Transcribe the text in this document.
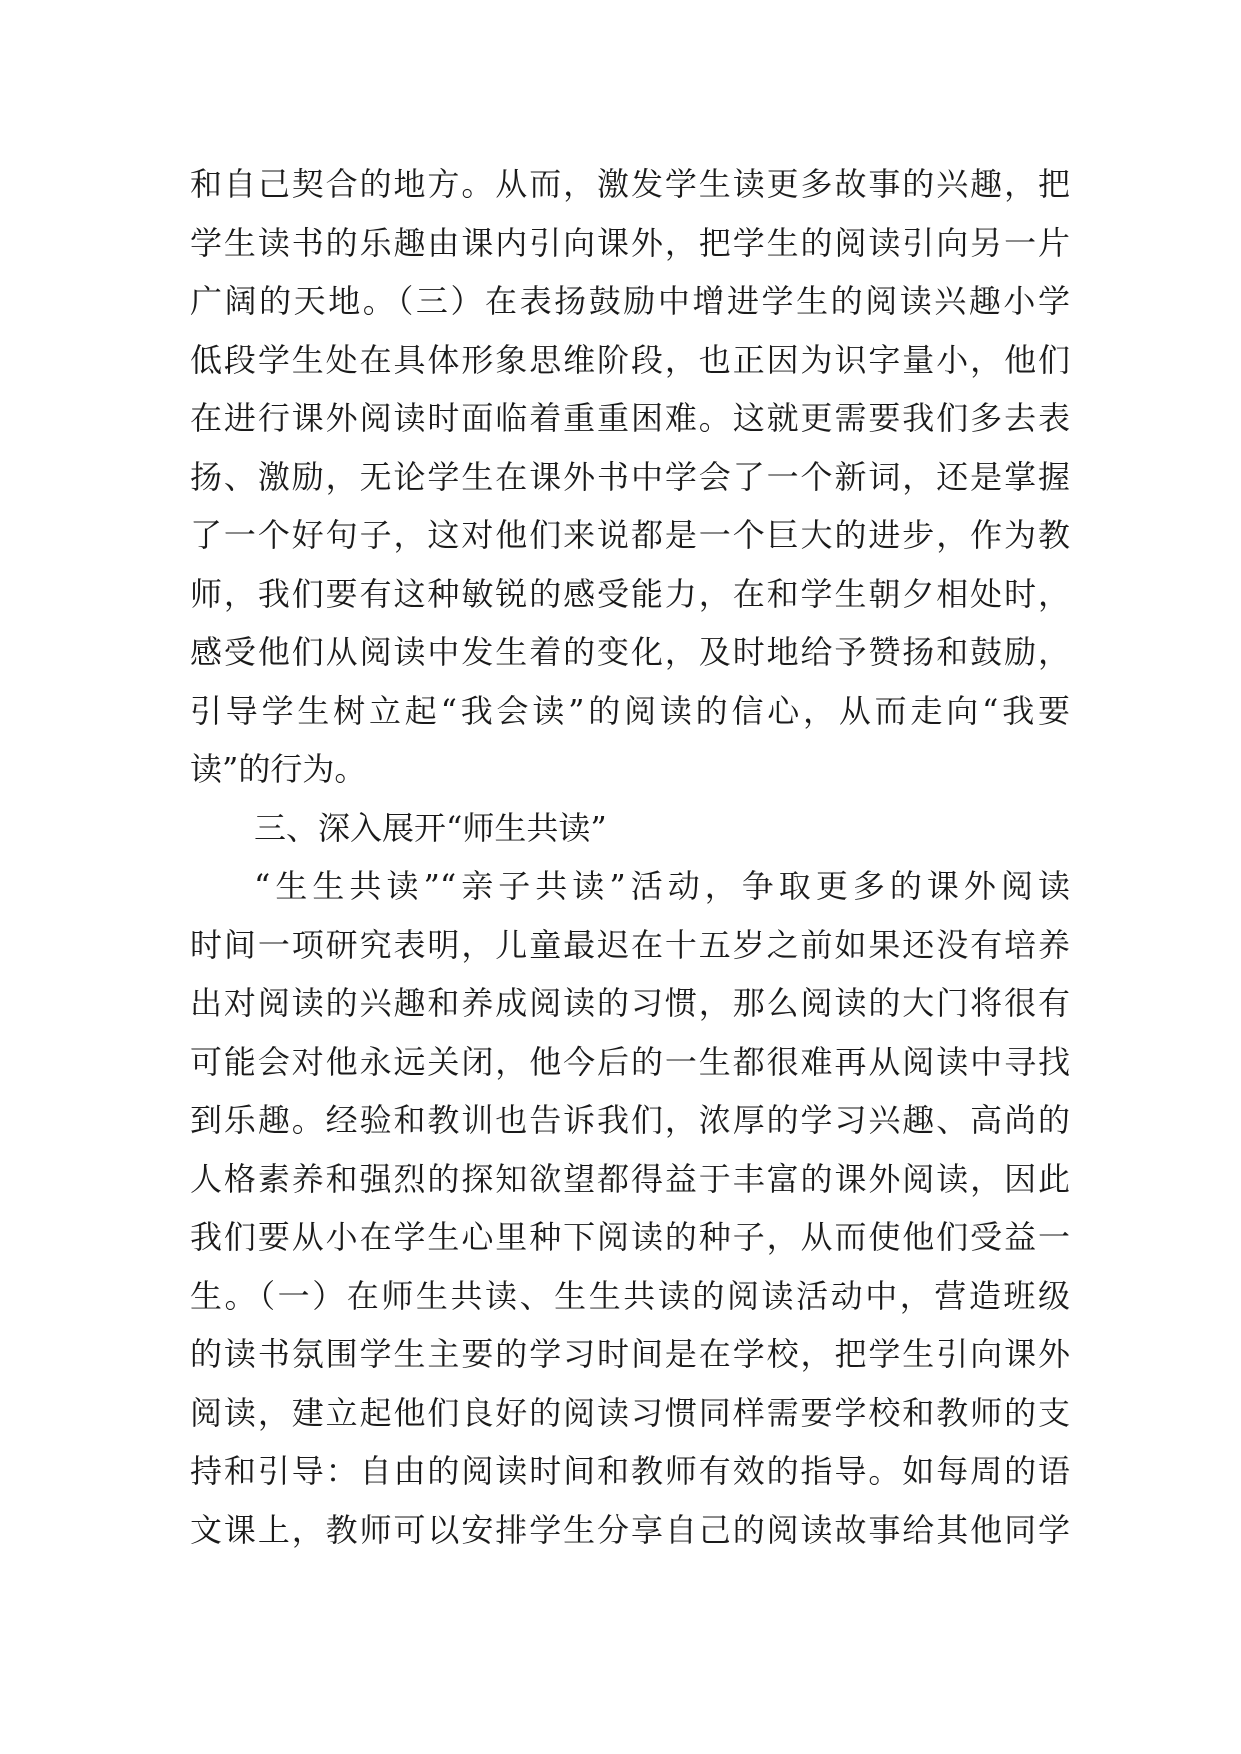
和自己契合的地方。从而，激发学生读更多故事的兴趣，把
学生读书的乐趣由课内引向课外，把学生的阅读引向另一片
广阔的天地。（三）在表扬鼓励中增进学生的阅读兴趣小学
低段学生处在具体形象思维阶段，也正因为识字量小，他们
在进行课外阅读时面临着重重困难。这就更需要我们多去表
扬、激励，无论学生在课外书中学会了一个新词，还是掌握
了一个好句子，这对他们来说都是一个巨大的进步，作为教
师，我们要有这种敏锐的感受能力，在和学生朝夕相处时，
感受他们从阅读中发生着的变化，及时地给予赞扬和鼓励，
引导学生树立起“我会读”的阅读的信心，从而走向“我要
读”的行为。
三、深入展开“师生共读”
“生生共读”“亲子共读”活动，争取更多的课外阅读
时间一项研究表明，儿童最迟在十五岁之前如果还没有培养
出对阅读的兴趣和养成阅读的习惯，那么阅读的大门将很有
可能会对他永远关闭，他今后的一生都很难再从阅读中寻找
到乐趣。经验和教训也告诉我们，浓厚的学习兴趣、高尚的
人格素养和强烈的探知欲望都得益于丰富的课外阅读，因此
我们要从小在学生心里种下阅读的种子，从而使他们受益一
生。（一）在师生共读、生生共读的阅读活动中，营造班级
的读书氛围学生主要的学习时间是在学校，把学生引向课外
阅读，建立起他们良好的阅读习惯同样需要学校和教师的支
持和引导：自由的阅读时间和教师有效的指导。如每周的语
文课上，教师可以安排学生分享自己的阅读故事给其他同学
